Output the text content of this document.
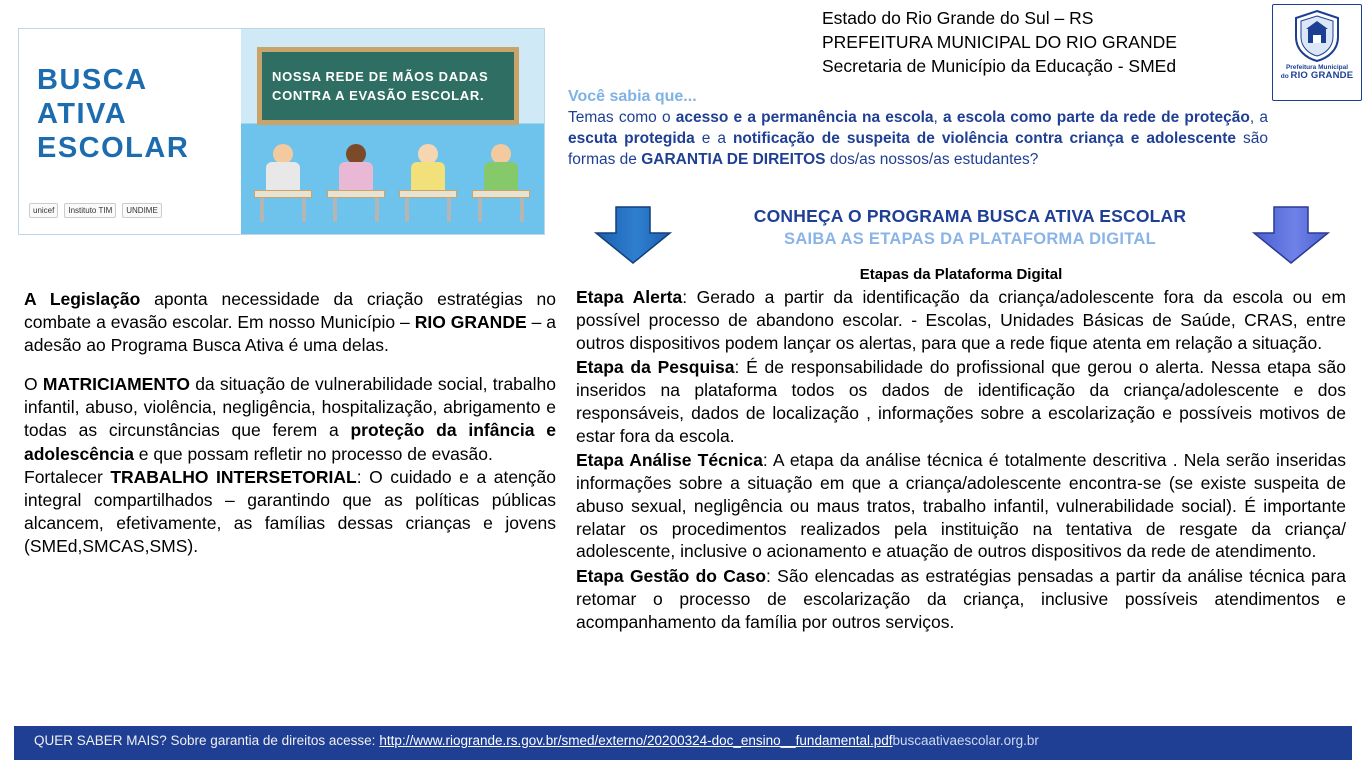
Estado do Rio Grande do Sul – RS
PREFEITURA MUNICIPAL DO RIO GRANDE
Secretaria de Município da Educação - SMEd	Prefeitura Municipal
do RIO GRANDE
BUSCA
ATIVA
ESCOLAR
unicef	Instituto TIM	UNDIME
NOSSA REDE DE MÃOS DADAS
CONTRA A EVASÃO ESCOLAR.	Você sabia que...
Temas como o acesso e a permanência na escola, a escola como parte da rede de proteção, a escuta protegida e a notificação de suspeita de violência contra criança e adolescente são formas de GARANTIA DE DIREITOS dos/as nossos/as estudantes?
CONHEÇA O PROGRAMA BUSCA ATIVA ESCOLAR
SAIBA AS ETAPAS DA PLATAFORMA DIGITAL

A Legislação aponta necessidade da criação estratégias no combate a evasão escolar. Em nosso Município – RIO GRANDE – a adesão ao Programa Busca Ativa é uma delas.

O MATRICIAMENTO da situação de vulnerabilidade social, trabalho infantil, abuso, violência, negligência, hospitalização, abrigamento e todas as circunstâncias que ferem a proteção da infância e adolescência e que possam refletir no processo de evasão.

Fortalecer TRABALHO INTERSETORIAL: O cuidado e a atenção integral compartilhados – garantindo que as políticas públicas alcancem, efetivamente, as famílias dessas crianças e jovens (SMEd,SMCAS,SMS).

Etapas da Plataforma Digital

Etapa Alerta: Gerado a partir da identificação da criança/adolescente fora da escola ou em possível processo de abandono escolar. - Escolas, Unidades Básicas de Saúde, CRAS, entre outros dispositivos podem lançar os alertas, para que a rede fique atenta em relação a situação.

Etapa da Pesquisa: É de responsabilidade do profissional que gerou o alerta. Nessa etapa são inseridos na plataforma todos os dados de identificação da criança/adolescente e dos responsáveis, dados de localização , informações sobre a escolarização e possíveis motivos de estar fora da escola.

Etapa Análise Técnica: A etapa da análise técnica é totalmente descritiva . Nela serão inseridas informações sobre a situação em que a criança/adolescente encontra-se (se existe suspeita de abuso sexual, negligência ou maus tratos, trabalho infantil, vulnerabilidade social). É importante relatar os procedimentos realizados pela instituição na tentativa de resgate da criança/ adolescente, inclusive o acionamento e atuação de outros dispositivos da rede de atendimento.

Etapa Gestão do Caso: São elencadas as estratégias pensadas a partir da análise técnica para retomar o processo de escolarização da criança, inclusive possíveis atendimentos e acompanhamento da família por outros serviços.

QUER SABER MAIS? Sobre garantia de direitos acesse: http://www.riogrande.rs.gov.br/smed/externo/20200324-doc_ensino__fundamental.pdf buscaativaescolar.org.br
